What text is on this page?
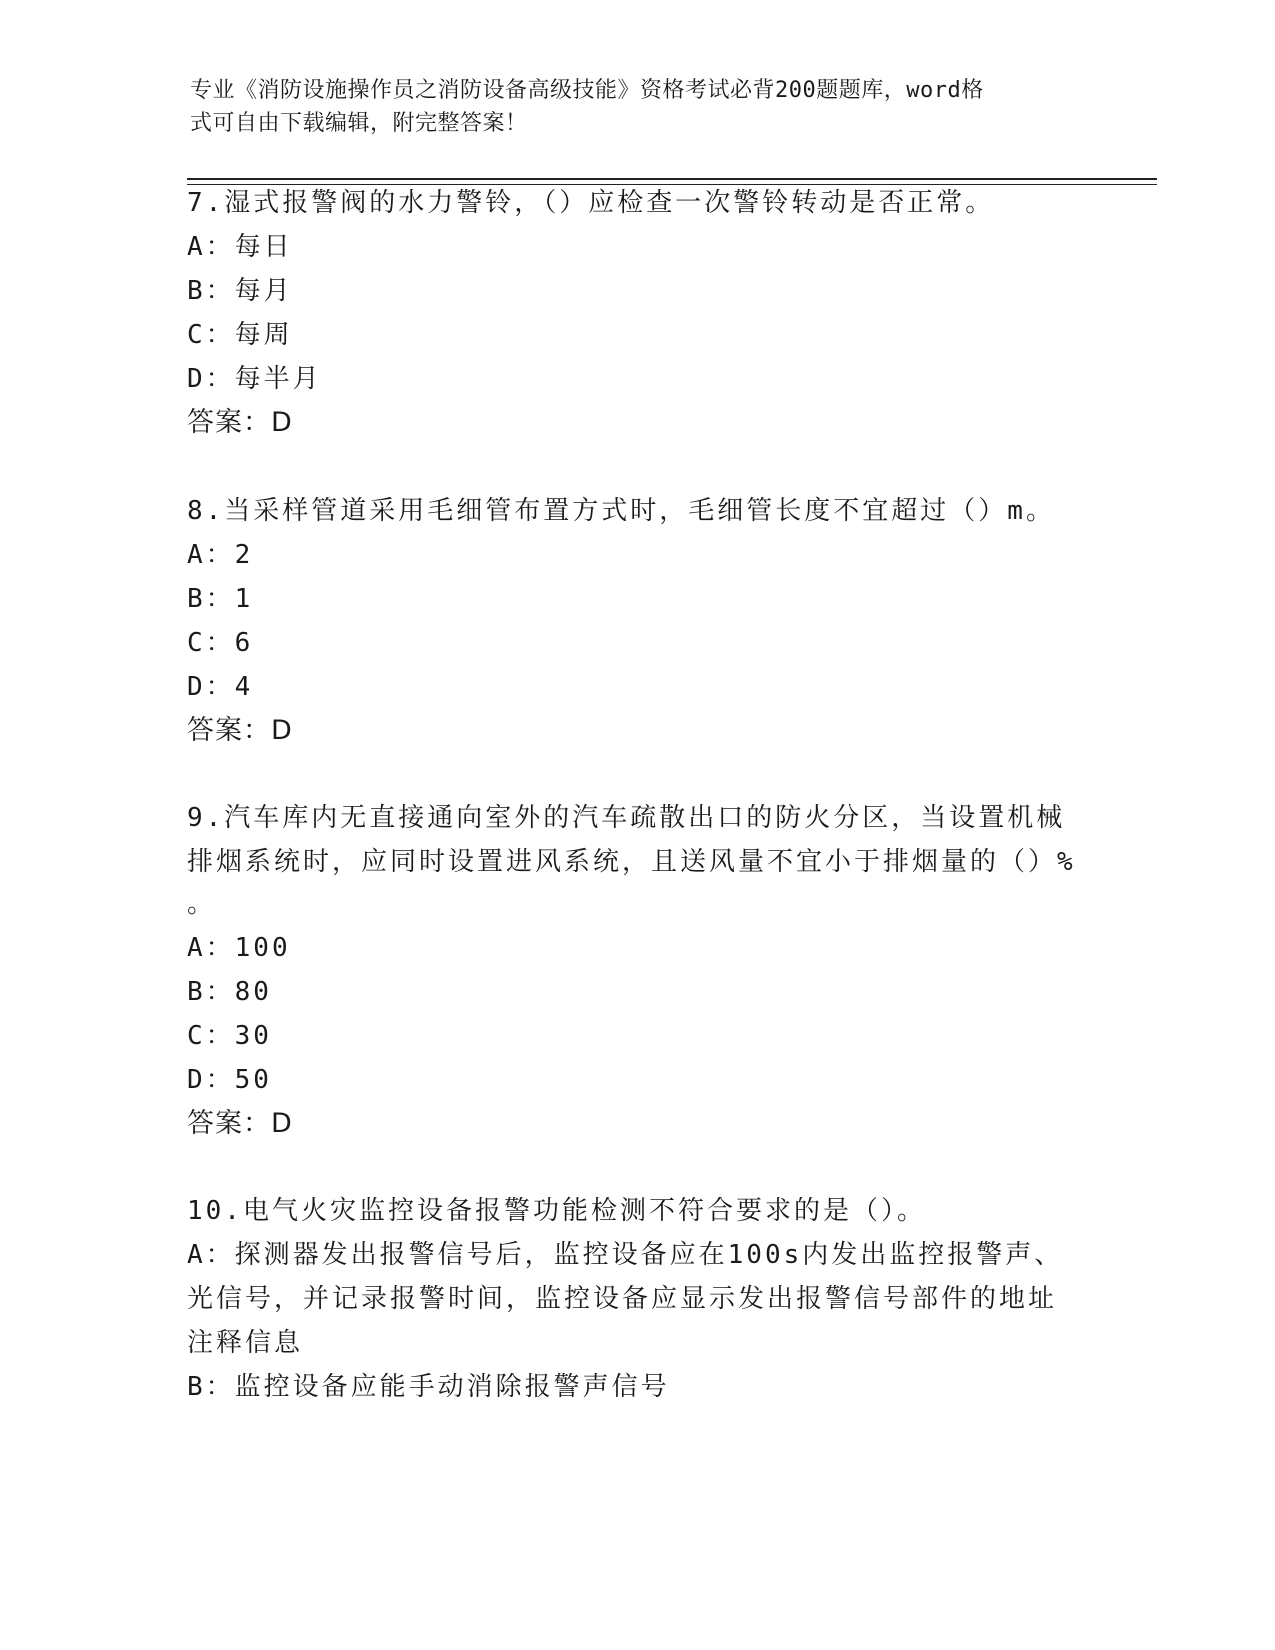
专业《消防设施操作员之消防设备高级技能》资格考试必背200题题库，word格
式可自由下载编辑，附完整答案！
7.湿式报警阀的水力警铃，（）应检查一次警铃转动是否正常。
A：每日
B：每月
C：每周
D：每半月
答案：D
8.当采样管道采用毛细管布置方式时，毛细管长度不宜超过（）m。
A：2
B：1
C：6
D：4
答案：D
9.汽车库内无直接通向室外的汽车疏散出口的防火分区，当设置机械
排烟系统时，应同时设置进风系统，且送风量不宜小于排烟量的（）%
。
A：100
B：80
C：30
D：50
答案：D
10.电气火灾监控设备报警功能检测不符合要求的是（）。
A：探测器发出报警信号后，监控设备应在100s内发出监控报警声、
光信号，并记录报警时间，监控设备应显示发出报警信号部件的地址
注释信息
B：监控设备应能手动消除报警声信号
